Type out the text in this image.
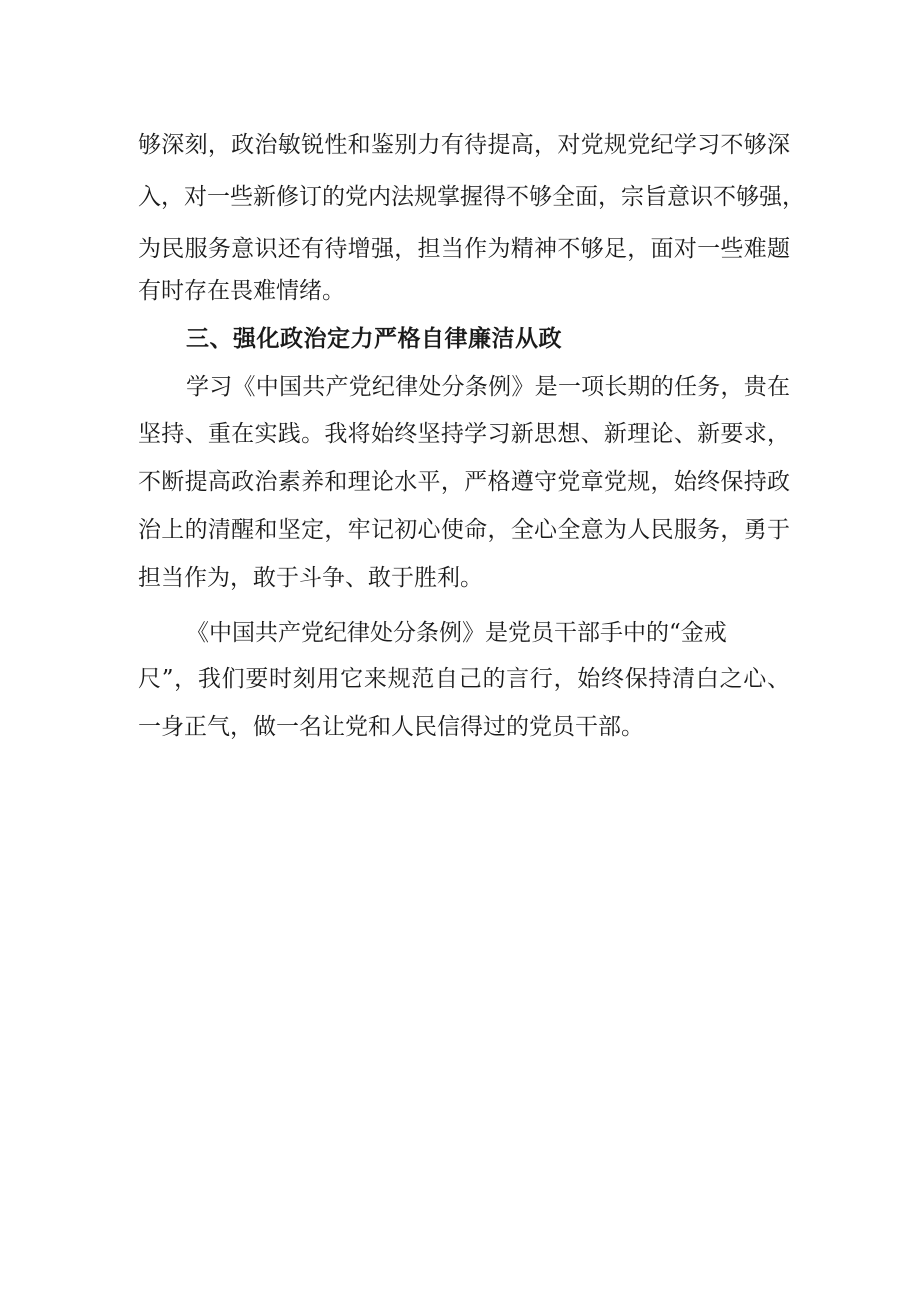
够深刻，政治敏锐性和鉴别力有待提高，对党规党纪学习不够深
入，对一些新修订的党内法规掌握得不够全面，宗旨意识不够强，
为民服务意识还有待增强，担当作为精神不够足，面对一些难题
有时存在畏难情绪。
三、强化政治定力严格自律廉洁从政
学习《中国共产党纪律处分条例》是一项长期的任务，贵在
坚持、重在实践。我将始终坚持学习新思想、新理论、新要求，
不断提高政治素养和理论水平，严格遵守党章党规，始终保持政
治上的清醒和坚定，牢记初心使命，全心全意为人民服务，勇于
担当作为，敢于斗争、敢于胜利。
《中国共产党纪律处分条例》是党员干部手中的“金戒
尺”，我们要时刻用它来规范自己的言行，始终保持清白之心、
一身正气，做一名让党和人民信得过的党员干部。
